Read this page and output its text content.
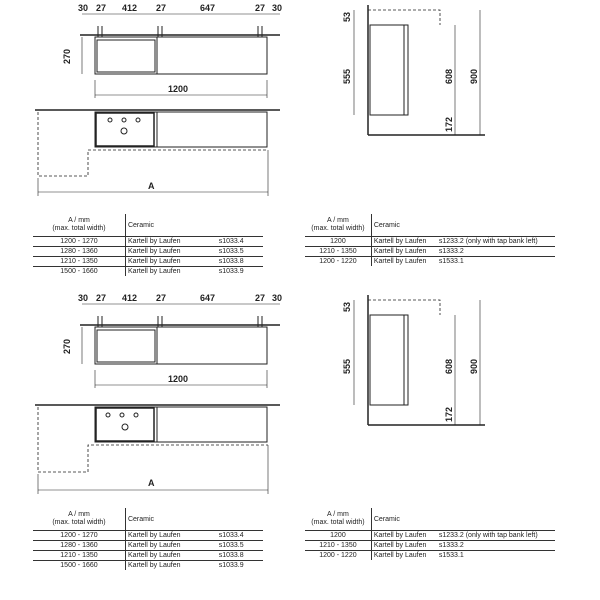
30 27 412 27	647	27 30
270
1200
A
53
555	608 900
172
A / mm
(max. total width)	Ceramic	
1200 - 1270	Kartell by Laufen	s1033.4
1280 - 1360	Kartell by Laufen	s1033.5
1210 - 1350	Kartell by Laufen	s1033.8
1500 - 1660	Kartell by Laufen	s1033.9
A / mm
(max. total width)	Ceramic	
1200	Kartell by Laufen	s1233.2 (only with tap bank left)
1210 - 1350	Kartell by Laufen	s1333.2
1200 - 1220	Kartell by Laufen	s1533.1
30 27 412 27	647	27 30
270
1200
A
53
555	608 900
172
A / mm
(max. total width)	Ceramic	
1200 - 1270	Kartell by Laufen	s1033.4
1280 - 1360	Kartell by Laufen	s1033.5
1210 - 1350	Kartell by Laufen	s1033.8
1500 - 1660	Kartell by Laufen	s1033.9
A / mm
(max. total width)	Ceramic	
1200	Kartell by Laufen	s1233.2 (only with tap bank left)
1210 - 1350	Kartell by Laufen	s1333.2
1200 - 1220	Kartell by Laufen	s1533.1
